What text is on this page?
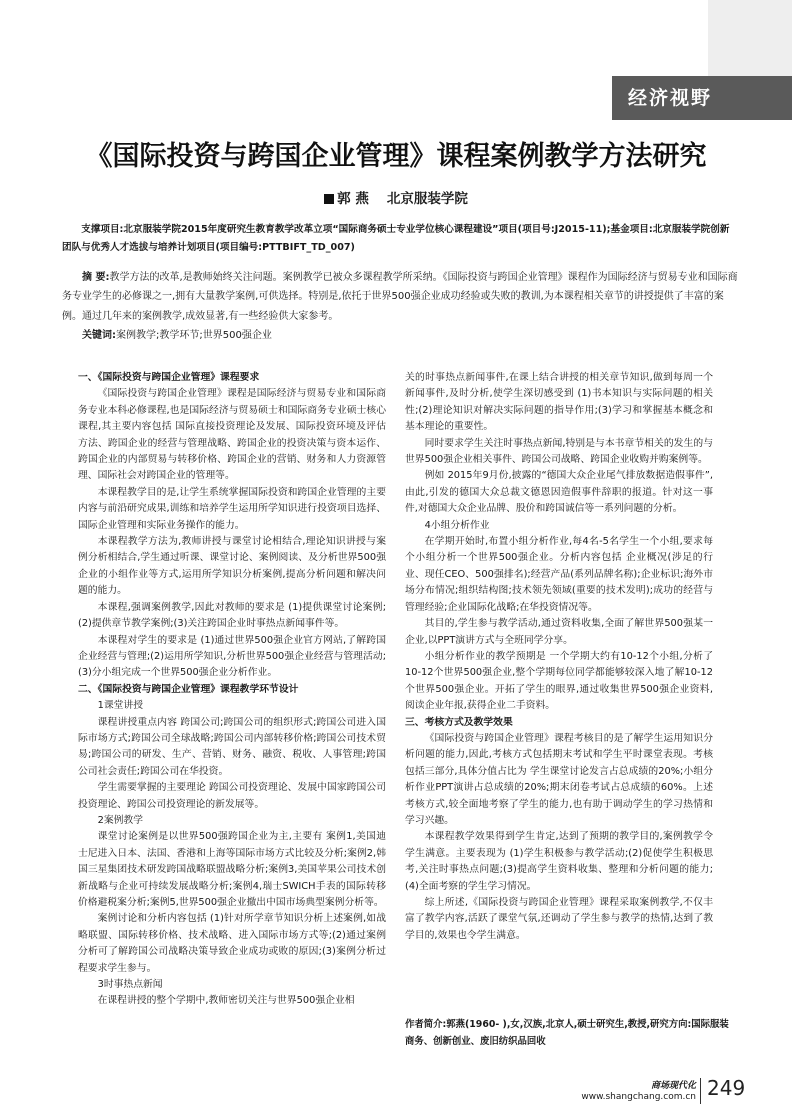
经济视野
《国际投资与跨国企业管理》课程案例教学方法研究
郭 燕 北京服装学院
支撑项目:北京服装学院2015年度研究生教育教学改革立项“国际商务硕士专业学位核心课程建设”项目(项目号:J2015-11);基金项目:北京服装学院创新团队与优秀人才选拔与培养计划项目(项目编号:PTTBIFT_TD_007)
摘 要:教学方法的改革,是教师始终关注问题。案例教学已被众多课程教学所采纳。《国际投资与跨国企业管理》课程作为国际经济与贸易专业和国际商务专业学生的必修课之一,拥有大量教学案例,可供选择。特别是,依托于世界500强企业成功经验或失败的教训,为本课程相关章节的讲授提供了丰富的案例。通过几年来的案例教学,成效显著,有一些经验供大家参考。
关键词:案例教学;教学环节;世界500强企业

一、《国际投资与跨国企业管理》课程要求

《国际投资与跨国企业管理》课程是国际经济与贸易专业和国际商务专业本科必修课程,也是国际经济与贸易硕士和国际商务专业硕士核心课程,其主要内容包括 国际直接投资理论及发展、国际投资环境及评估方法、跨国企业的经营与管理战略、跨国企业的投资决策与资本运作、跨国企业的内部贸易与转移价格、跨国企业的营销、财务和人力资源管理、国际社会对跨国企业的管理等。

本课程教学目的是,让学生系统掌握国际投资和跨国企业管理的主要内容与前沿研究成果,训练和培养学生运用所学知识进行投资项目选择、国际企业管理和实际业务操作的能力。

本课程教学方法为,教师讲授与课堂讨论相结合,理论知识讲授与案例分析相结合,学生通过听课、课堂讨论、案例阅读、及分析世界500强企业的小组作业等方式,运用所学知识分析案例,提高分析问题和解决问题的能力。

本课程,强调案例教学,因此对教师的要求是 (1)提供课堂讨论案例;(2)提供章节教学案例;(3)关注跨国企业时事热点新闻事件等。

本课程对学生的要求是 (1)通过世界500强企业官方网站,了解跨国企业经营与管理;(2)运用所学知识,分析世界500强企业经营与管理活动;(3)分小组完成一个世界500强企业分析作业。

二、《国际投资与跨国企业管理》课程教学环节设计

1课堂讲授

课程讲授重点内容 跨国公司;跨国公司的组织形式;跨国公司进入国际市场方式;跨国公司全球战略;跨国公司内部转移价格;跨国公司技术贸易;跨国公司的研发、生产、营销、财务、融资、税收、人事管理;跨国公司社会责任;跨国公司在华投资。

学生需要掌握的主要理论 跨国公司投资理论、发展中国家跨国公司投资理论、跨国公司投资理论的新发展等。

2案例教学

课堂讨论案例是以世界500强跨国企业为主,主要有 案例1,美国迪士尼进入日本、法国、香港和上海等国际市场方式比较及分析;案例2,韩国三星集团技术研发跨国战略联盟战略分析;案例3,美国苹果公司技术创新战略与企业可持续发展战略分析;案例4,瑞士SWICH手表的国际转移价格避税案分析;案例5,世界500强企业撤出中国市场典型案例分析等。

案例讨论和分析内容包括 (1)针对所学章节知识分析上述案例,如战略联盟、国际转移价格、技术战略、进入国际市场方式等;(2)通过案例分析可了解跨国公司战略决策导致企业成功或败的原因;(3)案例分析过程要求学生参与。

3时事热点新闻

在课程讲授的整个学期中,教师密切关注与世界500强企业相

关的时事热点新闻事件,在课上结合讲授的相关章节知识,做到每周一个新闻事件,及时分析,使学生深切感受到 (1)书本知识与实际问题的相关性;(2)理论知识对解决实际问题的指导作用;(3)学习和掌握基本概念和基本理论的重要性。

同时要求学生关注时事热点新闻,特别是与本书章节相关的发生的与世界500强企业相关事件、跨国公司战略、跨国企业收购并购案例等。

例如 2015年9月份,披露的“德国大众企业尾气排放数据造假事件”,由此,引发的德国大众总裁文德恩因造假事件辞职的报道。针对这一事件,对德国大众企业品牌、股价和跨国诚信等一系列问题的分析。

4小组分析作业

在学期开始时,布置小组分析作业,每4名-5名学生一个小组,要求每个小组分析一个世界500强企业。分析内容包括 企业概况(涉足的行业、现任CEO、500强排名);经营产品(系列品牌名称);企业标识;海外市场分布情况;组织结构图;技术领先领域(重要的技术发明);成功的经营与管理经验;企业国际化战略;在华投资情况等。

其目的,学生参与教学活动,通过资料收集,全面了解世界500强某一企业,以PPT演讲方式与全班同学分享。

小组分析作业的教学预期是 一个学期大约有10-12个小组,分析了10-12个世界500强企业,整个学期每位同学都能够较深入地了解10-12个世界500强企业。开拓了学生的眼界,通过收集世界500强企业资料,阅读企业年报,获得企业二手资料。

三、考核方式及教学效果

《国际投资与跨国企业管理》课程考核目的是了解学生运用知识分析问题的能力,因此,考核方式包括期末考试和学生平时课堂表现。考核包括三部分,具体分值占比为 学生课堂讨论发言占总成绩的20%;小组分析作业PPT演讲占总成绩的20%;期末闭卷考试占总成绩的60%。上述考核方式,较全面地考察了学生的能力,也有助于调动学生的学习热情和学习兴趣。

本课程教学效果得到学生肯定,达到了预期的教学目的,案例教学令学生满意。主要表现为 (1)学生积极参与教学活动;(2)促使学生积极思考,关注时事热点问题;(3)提高学生资料收集、整理和分析问题的能力;(4)全面考察的学生学习情况。

综上所述,《国际投资与跨国企业管理》课程采取案例教学,不仅丰富了教学内容,活跃了课堂气氛,还调动了学生参与教学的热情,达到了教学目的,效果也令学生满意。

作者简介:郭燕(1960- ),女,汉族,北京人,硕士研究生,教授,研究方向:国际服装商务、创新创业、废旧纺织品回收
商场现代化
www.shangchang.com.cn 249
